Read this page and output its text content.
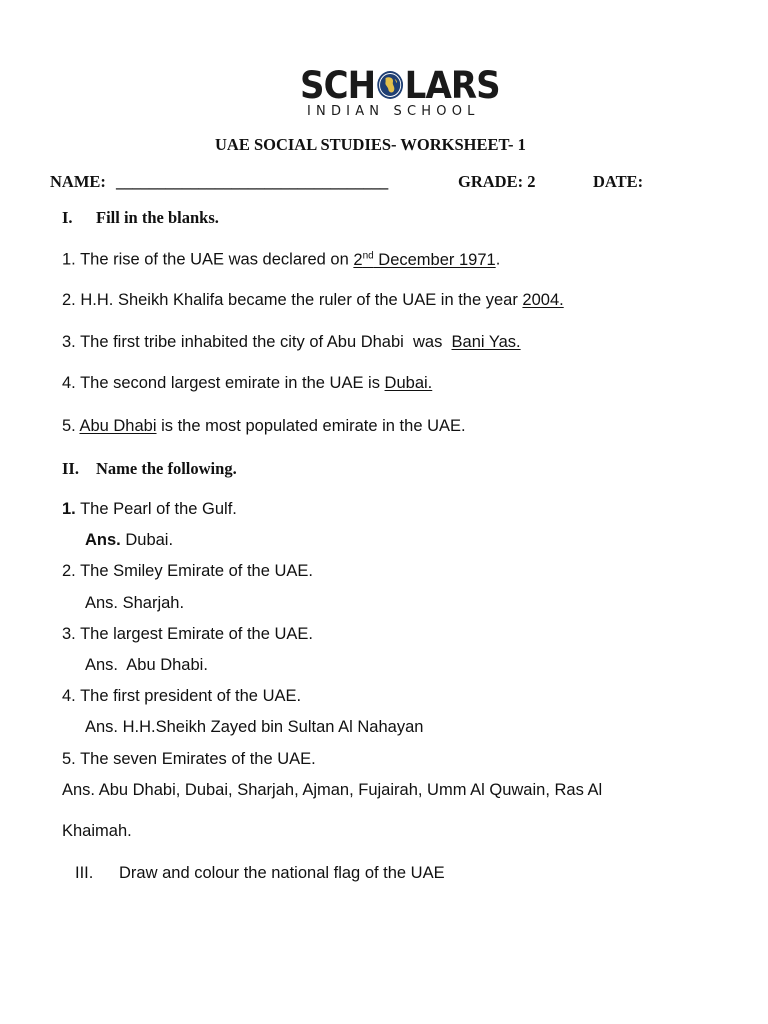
SCH LARS
INDIAN SCHOOL
UAE SOCIAL STUDIES- WORKSHEET- 1
NAME: _________________________________	GRADE: 2	DATE:
I. Fill in the blanks.
1. The rise of the UAE was declared on 2nd December 1971.
2. H.H. Sheikh Khalifa became the ruler of the UAE in the year 2004.
3. The first tribe inhabited the city of Abu Dhabi  was  Bani Yas.
4. The second largest emirate in the UAE is Dubai.
5. Abu Dhabi is the most populated emirate in the UAE.
II. Name the following.
1. The Pearl of the Gulf.
Ans. Dubai.
2. The Smiley Emirate of the UAE.
Ans. Sharjah.
3. The largest Emirate of the UAE.
Ans.  Abu Dhabi.
4. The first president of the UAE.
Ans. H.H.Sheikh Zayed bin Sultan Al Nahayan
5. The seven Emirates of the UAE.
Ans. Abu Dhabi, Dubai, Sharjah, Ajman, Fujairah, Umm Al Quwain, Ras Al
Khaimah.
III. Draw and colour the national flag of the UAE
